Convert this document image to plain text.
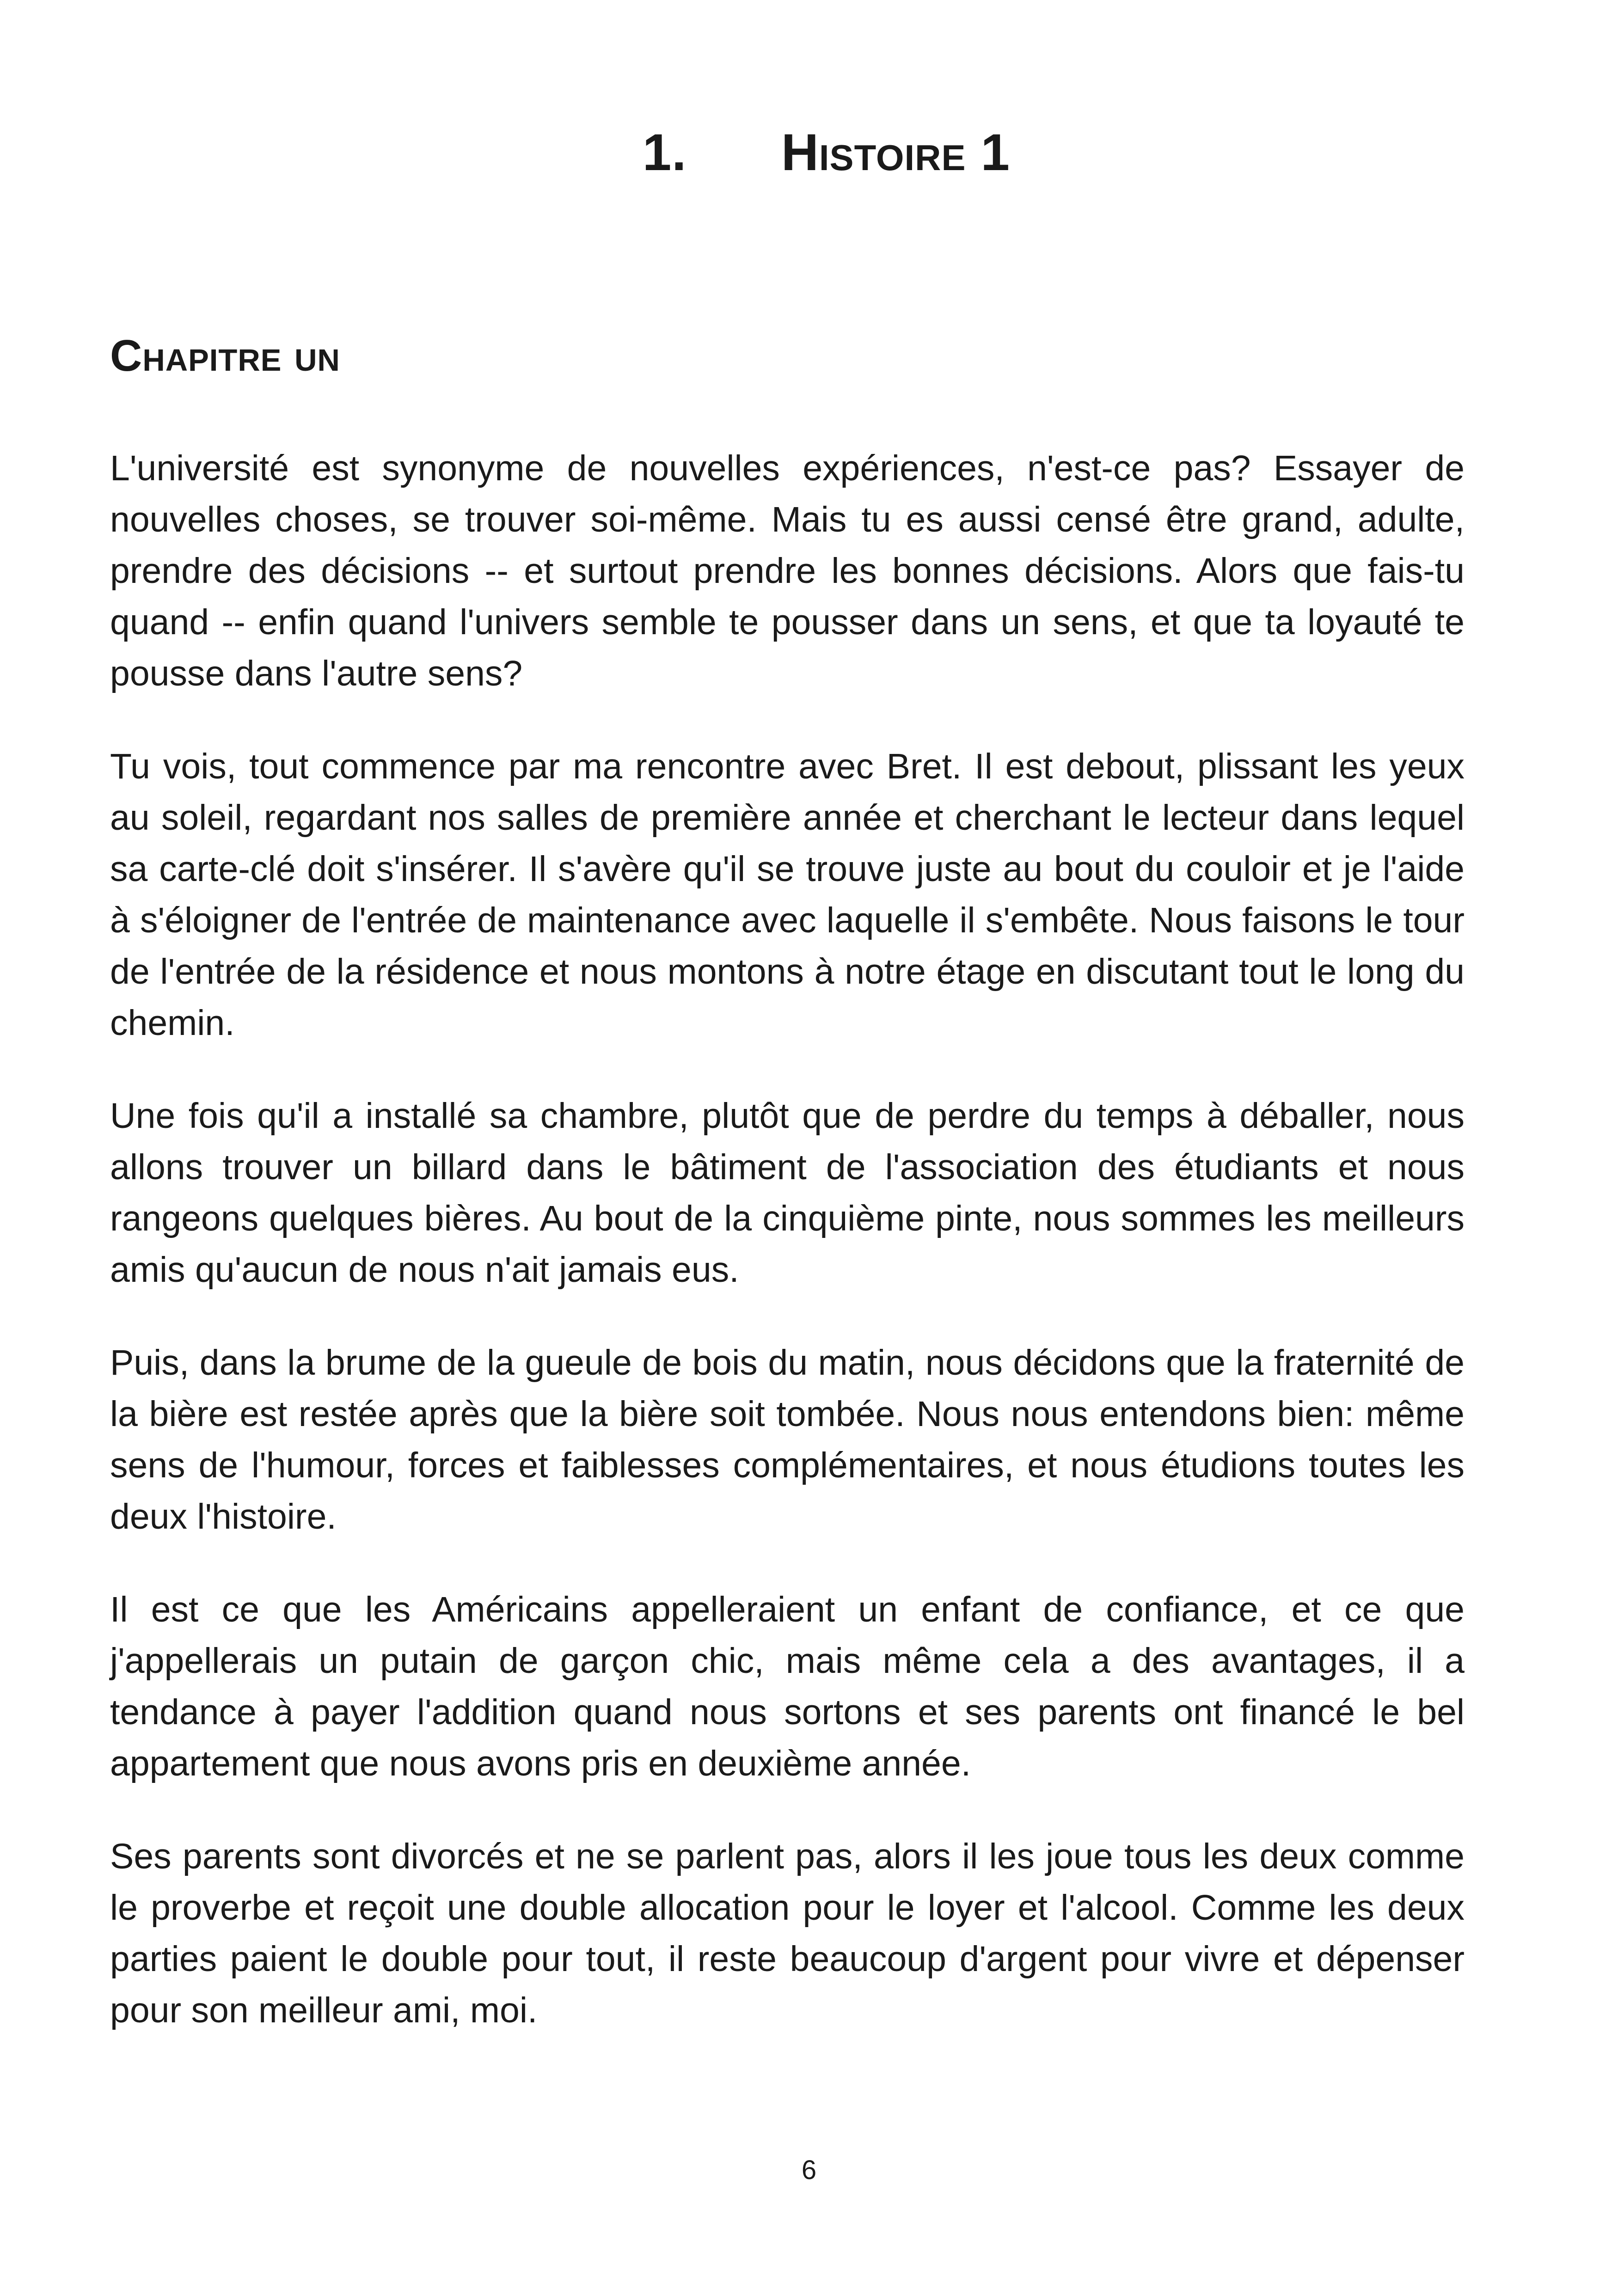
1. Histoire 1
Chapitre un

L'université est synonyme de nouvelles expériences, n'est-ce pas? Essayer de nouvelles choses, se trouver soi-même. Mais tu es aussi censé être grand, adulte, prendre des décisions -- et surtout prendre les bonnes décisions. Alors que fais-tu quand -- enfin quand l'univers semble te pousser dans un sens, et que ta loyauté te pousse dans l'autre sens?

Tu vois, tout commence par ma rencontre avec Bret. Il est debout, plissant les yeux au soleil, regardant nos salles de première année et cherchant le lecteur dans lequel sa carte-clé doit s'insérer. Il s'avère qu'il se trouve juste au bout du couloir et je l'aide à s'éloigner de l'entrée de maintenance avec laquelle il s'embête. Nous faisons le tour de l'entrée de la résidence et nous montons à notre étage en discutant tout le long du chemin.

Une fois qu'il a installé sa chambre, plutôt que de perdre du temps à déballer, nous allons trouver un billard dans le bâtiment de l'association des étudiants et nous rangeons quelques bières. Au bout de la cinquième pinte, nous sommes les meilleurs amis qu'aucun de nous n'ait jamais eus.

Puis, dans la brume de la gueule de bois du matin, nous décidons que la fraternité de la bière est restée après que la bière soit tombée. Nous nous entendons bien: même sens de l'humour, forces et faiblesses complémentaires, et nous étudions toutes les deux l'histoire.

Il est ce que les Américains appelleraient un enfant de confiance, et ce que j'appellerais un putain de garçon chic, mais même cela a des avantages, il a tendance à payer l'addition quand nous sortons et ses parents ont financé le bel appartement que nous avons pris en deuxième année.

Ses parents sont divorcés et ne se parlent pas, alors il les joue tous les deux comme le proverbe et reçoit une double allocation pour le loyer et l'alcool. Comme les deux parties paient le double pour tout, il reste beaucoup d'argent pour vivre et dépenser pour son meilleur ami, moi.

6
